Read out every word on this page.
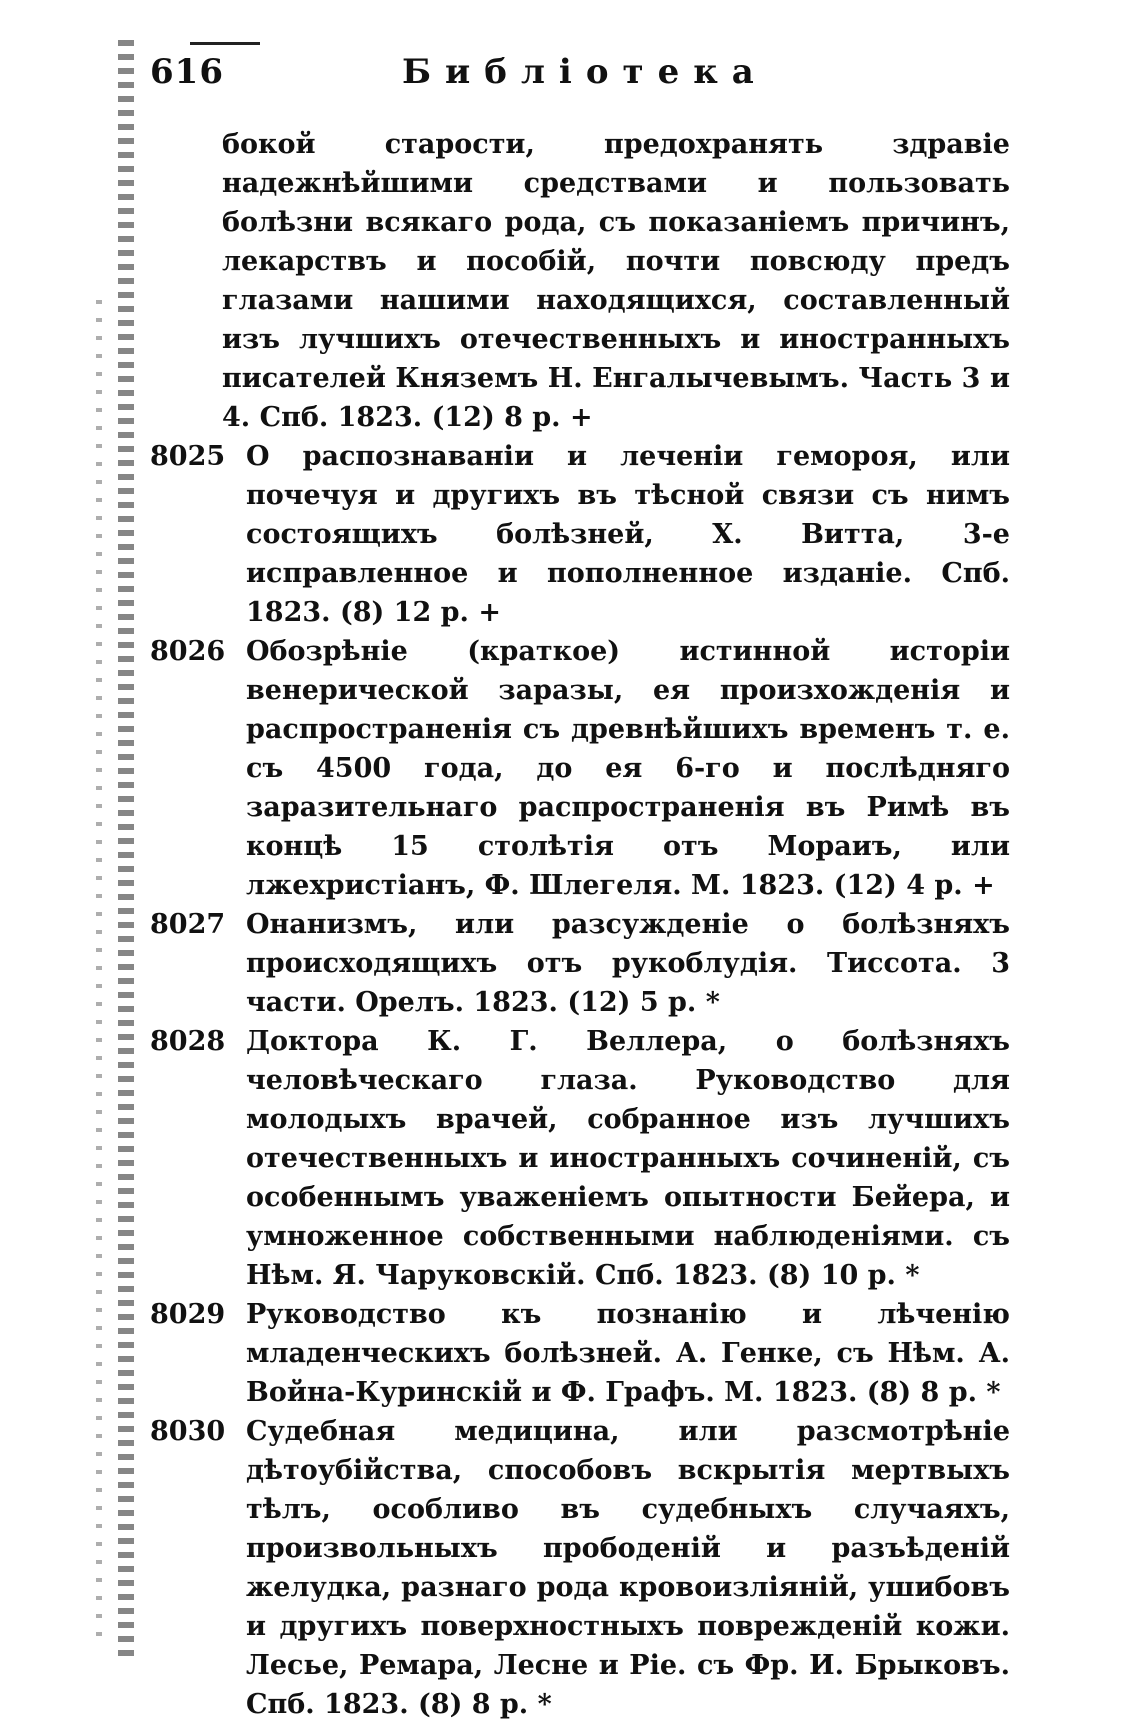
616	Библіотека
бокой старости, предохранять здравіе надежнѣйшими средствами и пользовать болѣзни всякаго рода, съ показаніемъ причинъ, лекарствъ и пособій, почти повсюду предъ глазами нашими находящихся, составленный изъ лучшихъ отечественныхъ и иностранныхъ писателей Княземъ Н. Енгалычевымъ. Часть 3 и 4. Спб. 1823. (12) 8 р. +
8025 О распознаваніи и леченіи гемороя, или почечуя и другихъ въ тѣсной связи съ нимъ состоящихъ болѣзней, Х. Витта, 3-е исправленное и пополненное изданіе. Спб. 1823. (8) 12 р. +
8026 Обозрѣніе (краткое) истинной исторіи венерической заразы, ея произхожденія и распространенія съ древнѣйшихъ временъ т. е. съ 4500 года, до ея 6-го и послѣдняго заразительнаго распространенія въ Римѣ въ концѣ 15 столѣтія отъ Мораиъ, или лжехристіанъ, Ф. Шлегеля. М. 1823. (12) 4 р. +
8027 Онанизмъ, или разсужденіе о болѣзняхъ происходящихъ отъ рукоблудія. Тиссота. 3 части. Орелъ. 1823. (12) 5 р. *
8028 Доктора К. Г. Веллера, о болѣзняхъ человѣческаго глаза. Руководство для молодыхъ врачей, собранное изъ лучшихъ отечественныхъ и иностранныхъ сочиненій, съ особеннымъ уваженіемъ опытности Бейера, и умноженное собственными наблюденіями. съ Нѣм. Я. Чаруковскій. Спб. 1823. (8) 10 р. *
8029 Руководство къ познанію и лѣченію младенческихъ болѣзней. А. Генке, съ Нѣм. А. Война-Куринскій и Ф. Графъ. М. 1823. (8) 8 р. *
8030 Судебная медицина, или разсмотрѣніе дѣтоубійства, способовъ вскрытія мертвыхъ тѣлъ, особливо въ судебныхъ случаяхъ, произвольныхъ прободеній и разъѣденій желудка, разнаго рода кровоизліяній, ушибовъ и другихъ поверхностныхъ поврежденій кожи. Лесье, Ремара, Лесне и Ріе. съ Фр. И. Брыковъ. Спб. 1823. (8) 8 р. *
